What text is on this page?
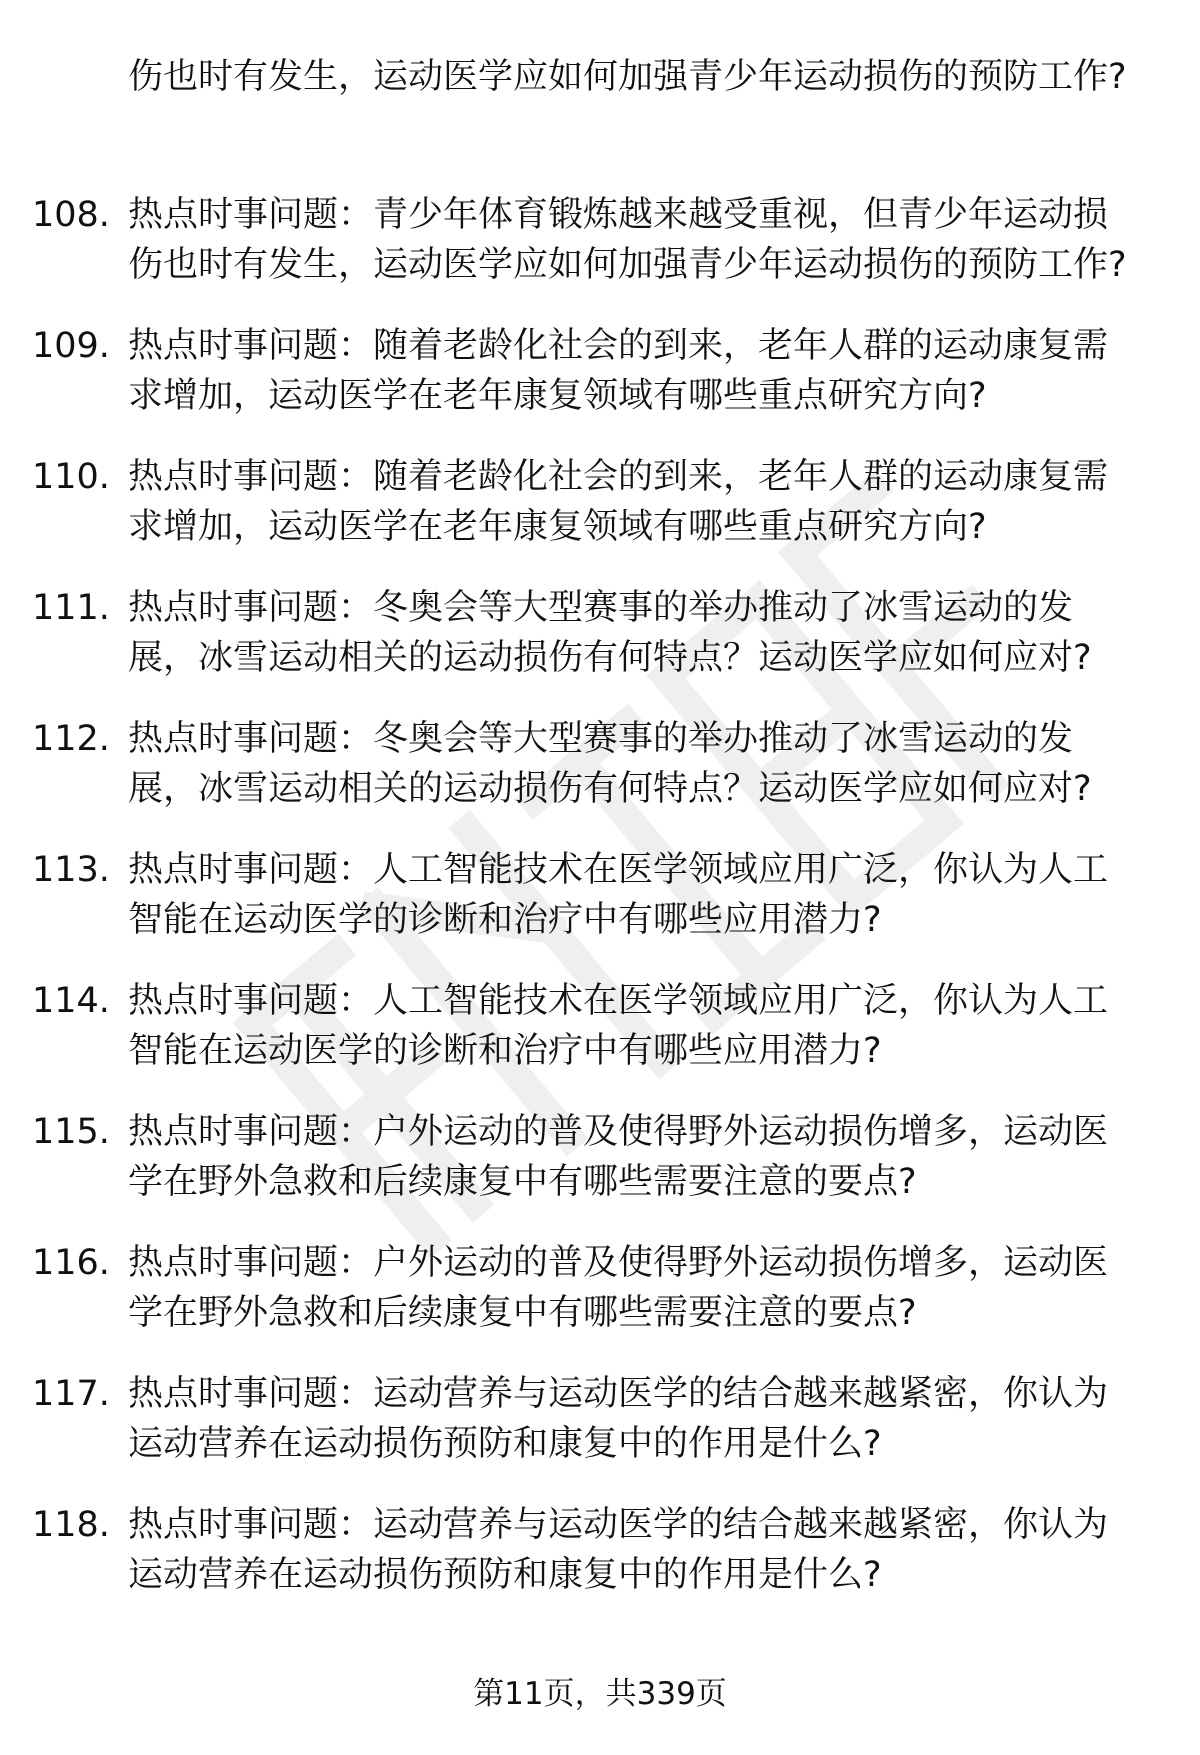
伤也时有发生，运动医学应如何加强青少年运动损伤的预防工作?

108. 热点时事问题：青少年体育锻炼越来越受重视，但青少年运动损伤也时有发生，运动医学应如何加强青少年运动损伤的预防工作?
109. 热点时事问题：随着老龄化社会的到来，老年人群的运动康复需求增加，运动医学在老年康复领域有哪些重点研究方向?
110. 热点时事问题：随着老龄化社会的到来，老年人群的运动康复需求增加，运动医学在老年康复领域有哪些重点研究方向?
111. 热点时事问题：冬奥会等大型赛事的举办推动了冰雪运动的发展，冰雪运动相关的运动损伤有何特点？运动医学应如何应对?
112. 热点时事问题：冬奥会等大型赛事的举办推动了冰雪运动的发展，冰雪运动相关的运动损伤有何特点？运动医学应如何应对?
113. 热点时事问题：人工智能技术在医学领域应用广泛，你认为人工智能在运动医学的诊断和治疗中有哪些应用潜力?
114. 热点时事问题：人工智能技术在医学领域应用广泛，你认为人工智能在运动医学的诊断和治疗中有哪些应用潜力?
115. 热点时事问题：户外运动的普及使得野外运动损伤增多，运动医学在野外急救和后续康复中有哪些需要注意的要点?
116. 热点时事问题：户外运动的普及使得野外运动损伤增多，运动医学在野外急救和后续康复中有哪些需要注意的要点?
117. 热点时事问题：运动营养与运动医学的结合越来越紧密，你认为运动营养在运动损伤预防和康复中的作用是什么?
118. 热点时事问题：运动营养与运动医学的结合越来越紧密，你认为运动营养在运动损伤预防和康复中的作用是什么?
第11页，共339页
